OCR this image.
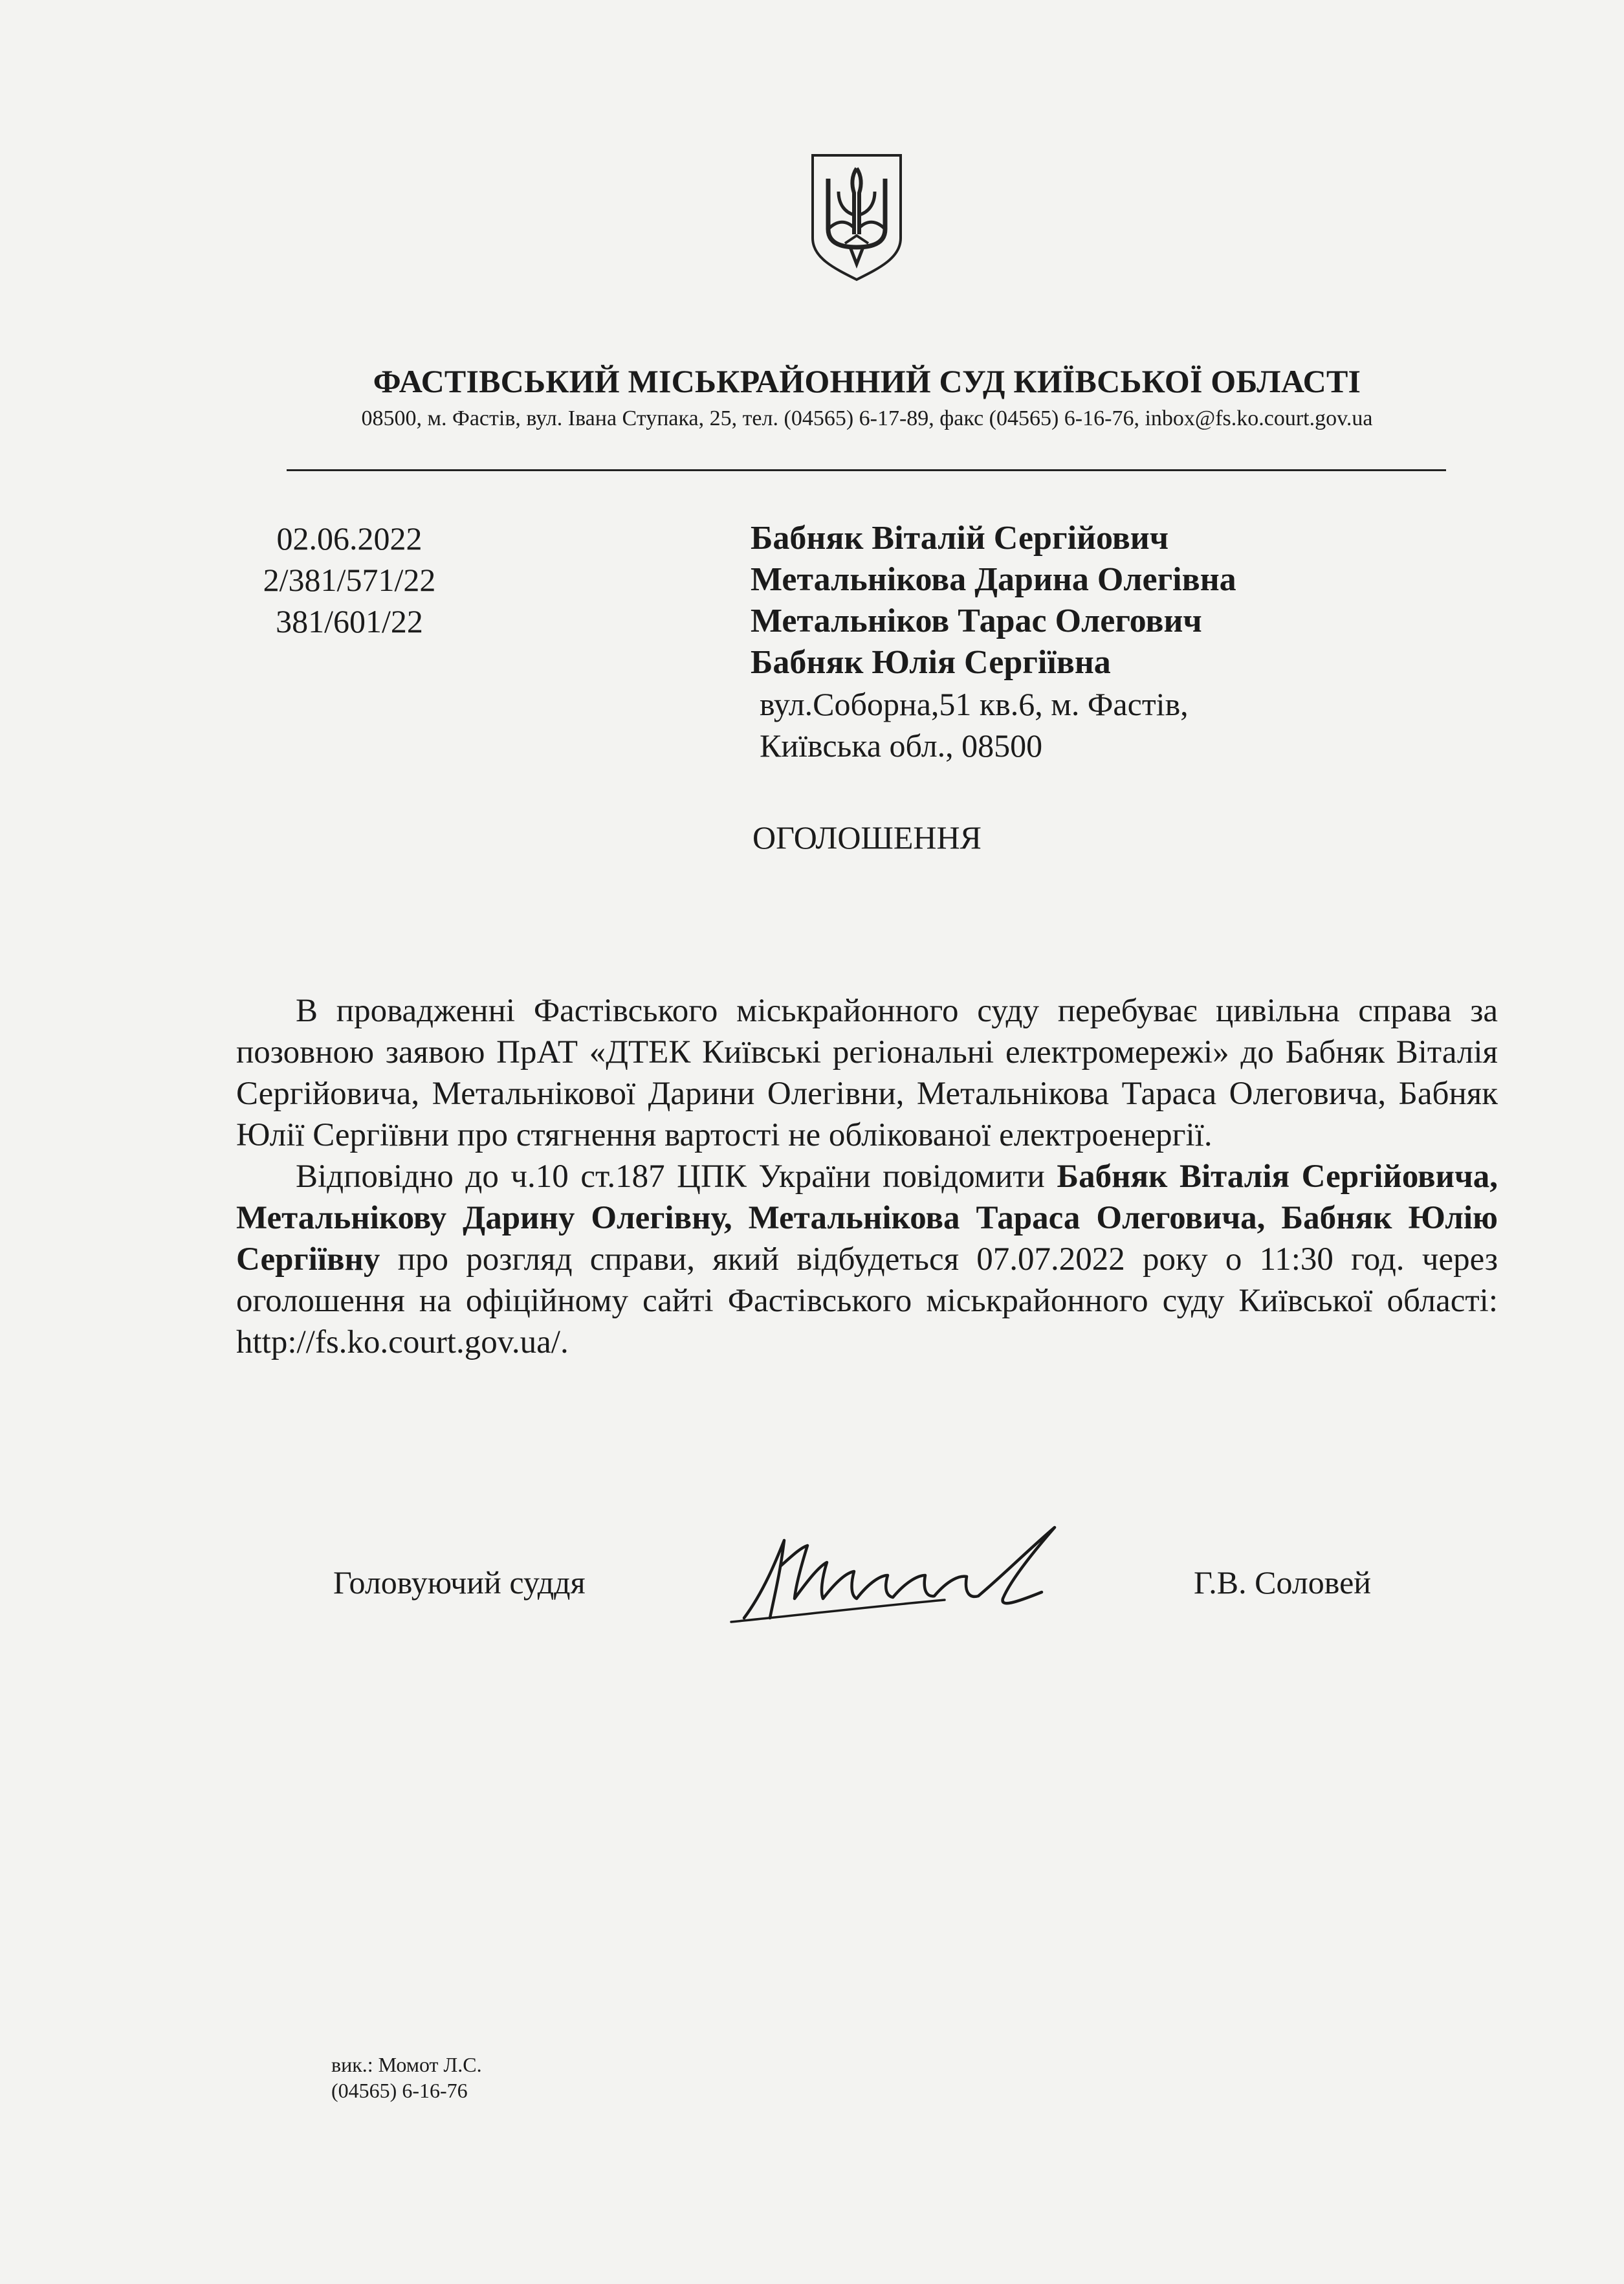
ФАСТІВСЬКИЙ МІСЬКРАЙОННИЙ СУД КИЇВСЬКОЇ ОБЛАСТІ
08500, м. Фастів, вул. Івана Ступака, 25, тел. (04565) 6-17-89, факс (04565) 6-16-76, inbox@fs.ko.court.gov.ua
02.06.2022
2/381/571/22
381/601/22
Бабняк Віталій Сергійович
Метальнікова Дарина Олегівна
Метальніков Тарас Олегович
Бабняк Юлія Сергіївна
вул.Соборна,51 кв.6, м. Фастів,
Київська обл., 08500
ОГОЛОШЕННЯ

В провадженні Фастівського міськрайонного суду перебуває цивільна справа за позовною заявою ПрАТ «ДТЕК Київські регіональні електромережі» до Бабняк Віталія Сергійовича, Метальнікової Дарини Олегівни, Метальнікова Тараса Олеговича, Бабняк Юлії Сергіївни про стягнення вартості не облікованої електроенергії.

Відповідно до ч.10 ст.187 ЦПК України повідомити Бабняк Віталія Сергійовича, Метальнікову Дарину Олегівну, Метальнікова Тараса Олеговича, Бабняк Юлію Сергіївну про розгляд справи, який відбудеться 07.07.2022 року о 11:30 год. через оголошення на офіційному сайті Фастівського міськрайонного суду Київської області: http://fs.ko.court.gov.ua/.

Головуючий суддя	Г.В. Соловей
вик.: Момот Л.С.
(04565) 6-16-76
